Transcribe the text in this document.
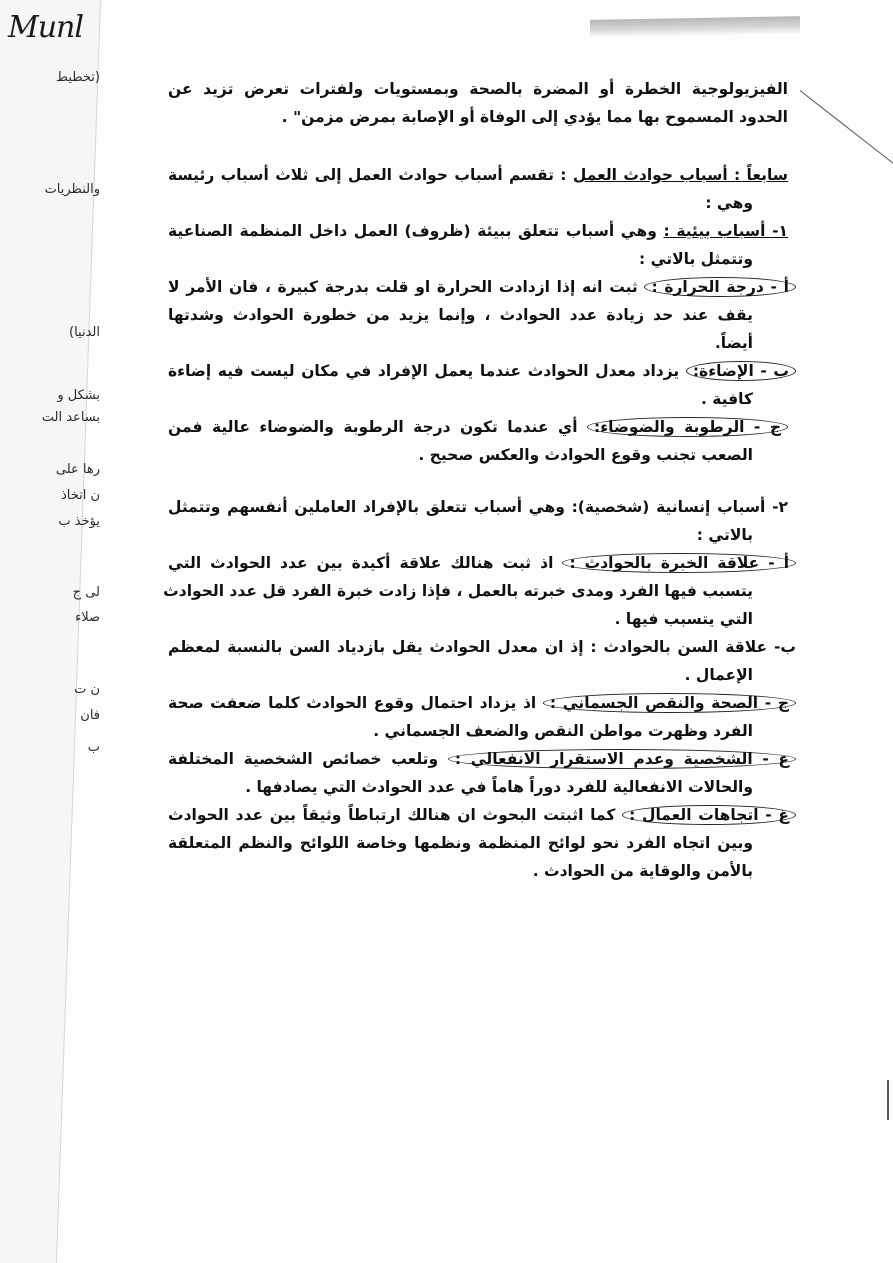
Munl
(تخطيط
والنظريات
الدنيا)
بشكل و
بساعد الت
رها على
ن اتخاذ
يؤخذ ب
لى ج
صلاء
ن ت
فان
ب
الفيزيولوجية الخطرة أو المضرة بالصحة وبمستويات ولفترات تعرض تزيد عن
الحدود المسموح بها مما يؤدي إلى الوفاة أو الإصابة بمرض مزمن" .
سابعاً : أسباب حوادث العمل : تقسم أسباب حوادث العمل إلى ثلاث أسباب رئيسة
وهي :
١- أسباب بيئية : وهي أسباب تتعلق ببيئة (ظروف) العمل داخل المنظمة الصناعية
وتتمثل بالاتي :
أ - درجة الحرارة : ثبت انه إذا ازدادت الحرارة او قلت بدرجة كبيرة ، فان الأمر لا
يقف عند حد زيادة عدد الحوادث ، وإنما يزيد من خطورة الحوادث وشدتها
أيضاً.
ب - الإضاءة: يزداد معدل الحوادث عندما يعمل الإفراد في مكان ليست فيه إضاءة
كافية .
ج - الرطوبة والضوضاء: أي عندما تكون درجة الرطوبة والضوضاء عالية فمن
الصعب تجنب وقوع الحوادث والعكس صحيح .
٢- أسباب إنسانية (شخصية): وهي أسباب تتعلق بالإفراد العاملين أنفسهم وتتمثل
بالاتي :
أ - علاقة الخبرة بالحوادث : اذ ثبت هنالك علاقة أكيدة بين عدد الحوادث التي
يتسبب فيها الفرد ومدى خبرته بالعمل ، فإذا زادت خبرة الفرد قل عدد الحوادث
التي يتسبب فيها .
ب- علاقة السن بالحوادث : إذ ان معدل الحوادث يقل بازدياد السن بالنسبة لمعظم
الإعمال .
ج - الصحة والنقص الجسماني : اذ يزداد احتمال وقوع الحوادث كلما ضعفت صحة
الفرد وظهرت مواطن النقص والضعف الجسماني .
ع - الشخصية وعدم الاستقرار الانفعالي : وتلعب خصائص الشخصية المختلفة
والحالات الانفعالية للفرد دوراً هاماً في عدد الحوادث التي يصادفها .
غ - اتجاهات العمال : كما اثبتت البحوث ان هنالك ارتباطاً وثيقاً بين عدد الحوادث
وبين اتجاه الفرد نحو لوائح المنظمة ونظمها وخاصة اللوائح والنظم المتعلقة
بالأمن والوقاية من الحوادث .
